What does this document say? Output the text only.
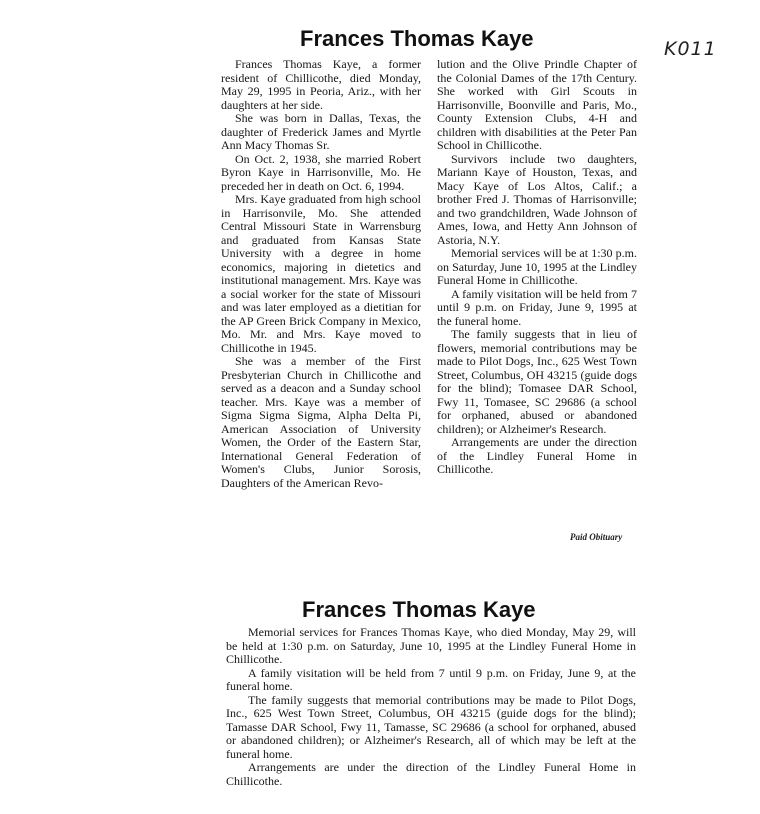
K011
Frances Thomas Kaye

Frances Thomas Kaye, a former resident of Chillicothe, died Monday, May 29, 1995 in Peoria, Ariz., with her daughters at her side.

She was born in Dallas, Texas, the daughter of Frederick James and Myrtle Ann Macy Thomas Sr.

On Oct. 2, 1938, she married Robert Byron Kaye in Harrisonville, Mo. He preceded her in death on Oct. 6, 1994.

Mrs. Kaye graduated from high school in Harrisonvile, Mo. She attended Central Missouri State in Warrensburg and graduated from Kansas State University with a degree in home economics, majoring in dietetics and institutional management. Mrs. Kaye was a social worker for the state of Missouri and was later employed as a dietitian for the AP Green Brick Company in Mexico, Mo. Mr. and Mrs. Kaye moved to Chillicothe in 1945.

She was a member of the First Presbyterian Church in Chillicothe and served as a deacon and a Sunday school teacher. Mrs. Kaye was a member of Sigma Sigma Sigma, Alpha Delta Pi, American Association of University Women, the Order of the Eastern Star, International General Federation of Women's Clubs, Junior Sorosis, Daughters of the American Revo-

lution and the Olive Prindle Chapter of the Colonial Dames of the 17th Century. She worked with Girl Scouts in Harrisonville, Boonville and Paris, Mo., County Extension Clubs, 4-H and children with disabilities at the Peter Pan School in Chillicothe.

Survivors include two daughters, Mariann Kaye of Houston, Texas, and Macy Kaye of Los Altos, Calif.; a brother Fred J. Thomas of Harrisonville; and two grandchildren, Wade Johnson of Ames, Iowa, and Hetty Ann Johnson of Astoria, N.Y.

Memorial services will be at 1:30 p.m. on Saturday, June 10, 1995 at the Lindley Funeral Home in Chillicothe.

A family visitation will be held from 7 until 9 p.m. on Friday, June 9, 1995 at the funeral home.

The family suggests that in lieu of flowers, memorial contributions may be made to Pilot Dogs, Inc., 625 West Town Street, Columbus, OH 43215 (guide dogs for the blind); Tomasee DAR School, Fwy 11, Tomasee, SC 29686 (a school for orphaned, abused or abandoned children); or Alzheimer's Research.

Arrangements are under the direction of the Lindley Funeral Home in Chillicothe.

Paid Obituary
Frances Thomas Kaye

Memorial services for Frances Thomas Kaye, who died Monday, May 29, will be held at 1:30 p.m. on Saturday, June 10, 1995 at the Lindley Funeral Home in Chillicothe.

A family visitation will be held from 7 until 9 p.m. on Friday, June 9, at the funeral home.

The family suggests that memorial contributions may be made to Pilot Dogs, Inc., 625 West Town Street, Columbus, OH 43215 (guide dogs for the blind); Tamasse DAR School, Fwy 11, Tamasse, SC 29686 (a school for orphaned, abused or abandoned children); or Alzheimer's Research, all of which may be left at the funeral home.

Arrangements are under the direction of the Lindley Funeral Home in Chillicothe.
